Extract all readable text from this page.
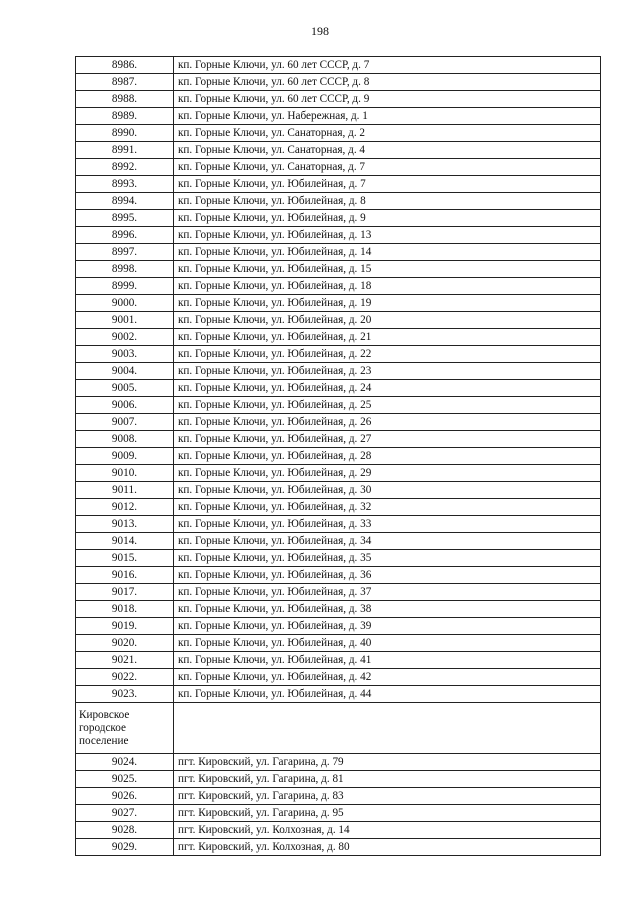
198
8986.	кп. Горные Ключи, ул. 60 лет СССР, д. 7
8987.	кп. Горные Ключи, ул. 60 лет СССР, д. 8
8988.	кп. Горные Ключи, ул. 60 лет СССР, д. 9
8989.	кп. Горные Ключи, ул. Набережная, д. 1
8990.	кп. Горные Ключи, ул. Санаторная, д. 2
8991.	кп. Горные Ключи, ул. Санаторная, д. 4
8992.	кп. Горные Ключи, ул. Санаторная, д. 7
8993.	кп. Горные Ключи, ул. Юбилейная, д. 7
8994.	кп. Горные Ключи, ул. Юбилейная, д. 8
8995.	кп. Горные Ключи, ул. Юбилейная, д. 9
8996.	кп. Горные Ключи, ул. Юбилейная, д. 13
8997.	кп. Горные Ключи, ул. Юбилейная, д. 14
8998.	кп. Горные Ключи, ул. Юбилейная, д. 15
8999.	кп. Горные Ключи, ул. Юбилейная, д. 18
9000.	кп. Горные Ключи, ул. Юбилейная, д. 19
9001.	кп. Горные Ключи, ул. Юбилейная, д. 20
9002.	кп. Горные Ключи, ул. Юбилейная, д. 21
9003.	кп. Горные Ключи, ул. Юбилейная, д. 22
9004.	кп. Горные Ключи, ул. Юбилейная, д. 23
9005.	кп. Горные Ключи, ул. Юбилейная, д. 24
9006.	кп. Горные Ключи, ул. Юбилейная, д. 25
9007.	кп. Горные Ключи, ул. Юбилейная, д. 26
9008.	кп. Горные Ключи, ул. Юбилейная, д. 27
9009.	кп. Горные Ключи, ул. Юбилейная, д. 28
9010.	кп. Горные Ключи, ул. Юбилейная, д. 29
9011.	кп. Горные Ключи, ул. Юбилейная, д. 30
9012.	кп. Горные Ключи, ул. Юбилейная, д. 32
9013.	кп. Горные Ключи, ул. Юбилейная, д. 33
9014.	кп. Горные Ключи, ул. Юбилейная, д. 34
9015.	кп. Горные Ключи, ул. Юбилейная, д. 35
9016.	кп. Горные Ключи, ул. Юбилейная, д. 36
9017.	кп. Горные Ключи, ул. Юбилейная, д. 37
9018.	кп. Горные Ключи, ул. Юбилейная, д. 38
9019.	кп. Горные Ключи, ул. Юбилейная, д. 39
9020.	кп. Горные Ключи, ул. Юбилейная, д. 40
9021.	кп. Горные Ключи, ул. Юбилейная, д. 41
9022.	кп. Горные Ключи, ул. Юбилейная, д. 42
9023.	кп. Горные Ключи, ул. Юбилейная, д. 44
Кировское городское поселение	
9024.	пгт. Кировский, ул. Гагарина, д. 79
9025.	пгт. Кировский, ул. Гагарина, д. 81
9026.	пгт. Кировский, ул. Гагарина, д. 83
9027.	пгт. Кировский, ул. Гагарина, д. 95
9028.	пгт. Кировский, ул. Колхозная, д. 14
9029.	пгт. Кировский, ул. Колхозная, д. 80
